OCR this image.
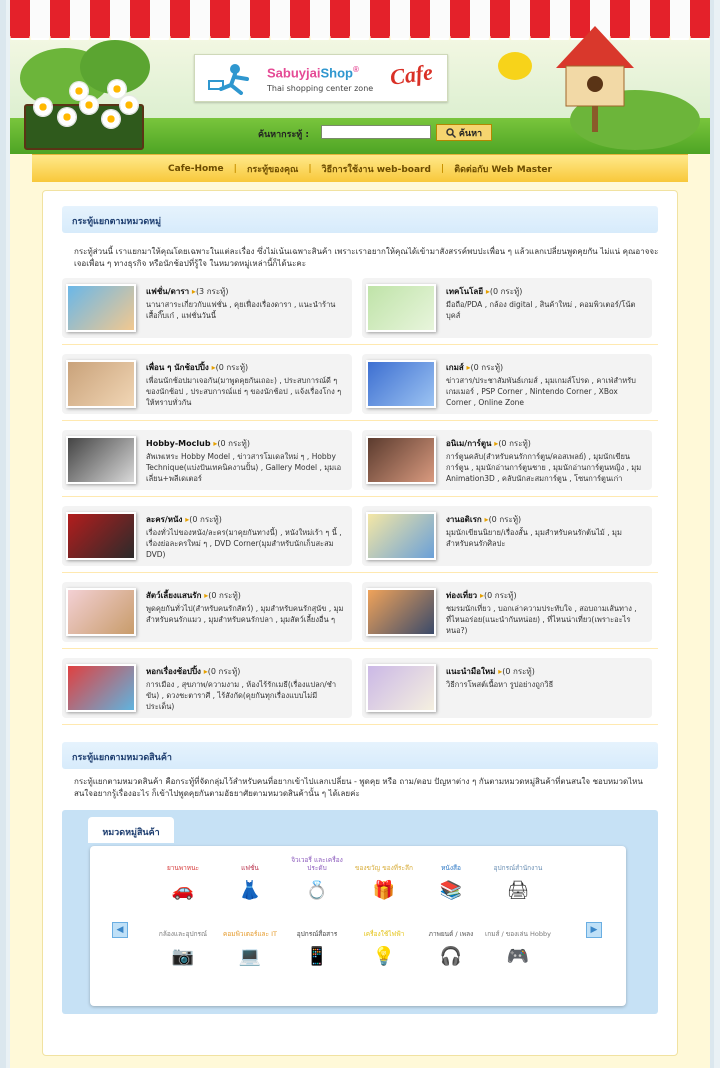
SabuyjaiShop®
Thai shopping center zone Cafe
ค้นหากระทู้ :	ค้นหา
Cafe-Home | กระทู้ของคุณ | วิธีการใช้งาน web-board | ติดต่อกับ Web Master
กระทู้แยกตามหมวดหมู่
กระทู้ส่วนนี้ เราแยกมาให้คุณโดยเฉพาะในแต่ละเรื่อง ซึ่งไม่เน้นเฉพาะสินค้า เพราะเราอยากให้คุณได้เข้ามาสังสรรค์พบปะเพื่อน ๆ แล้วแลกเปลี่ยนพูดคุยกัน ไม่แน่ คุณอาจจะเจอเพื่อน ๆ ทางธุรกิจ หรือนักช้อปที่รู้ใจ ในหมวดหมู่เหล่านี้ก็ได้นะคะ
แฟชั่น/ดารา ▸(3 กระทู้)
นานาสาระเกี่ยวกับแฟชั่น , คุยเฟื่องเรื่องดารา , แนะนำร้านเสื้อกิ๊บเก๋ , แฟชั่นวันนี้
เทคโนโลยี ▸(0 กระทู้)
มือถือ/PDA , กล้อง digital , สินค้าใหม่ , คอมพิวเตอร์/โน้ตบุคส์
เพื่อน ๆ นักช้อปปิ้ง ▸(0 กระทู้)
เพื่อนนักช้อปมาเจอกัน(มาพูดคุยกันเถอะ) , ประสบการณ์ดี ๆ ของนักช้อป , ประสบการณ์แย่ ๆ ของนักช้อป , แจ้งเรื่องโกง ๆ ให้ทราบทั่วกัน
เกมส์ ▸(0 กระทู้)
ข่าวสาร/ประชาสัมพันธ์เกมส์ , มุมเกมส์โปรด , คาเฟ่สำหรับเกมเมอร์ , PSP Corner , Nintendo Corner , XBox Corner , Online Zone
Hobby-Moclub ▸(0 กระทู้)
สัพเพเหระ Hobby Model , ข่าวสารโมเดลใหม่ ๆ , Hobby Technique(แบ่งปันเทคนิคงานปั้น) , Gallery Model , มุมเอเลี่ยน+พลีเดเตอร์
อนิเม/การ์ตูน ▸(0 กระทู้)
การ์ตูนคลับ(สำหรับคนรักการ์ตูน/คอสเพลย์) , มุมนักเขียนการ์ตูน , มุมนักอ่านการ์ตูนชาย , มุมนักอ่านการ์ตูนหญิง , มุม Animation3D , คลับนักสะสมการ์ตูน , โซนการ์ตูนเก่า
ละคร/หนัง ▸(0 กระทู้)
เรื่องทั่วไปของหนัง/ละคร(มาคุยกันทางนี้) , หนังใหม่เร้า ๆ นี้ , เรื่องย่อละครใหม่ ๆ , DVD Corner(มุมสำหรับนักเก็บสะสม DVD)
งานอดิเรก ▸(0 กระทู้)
มุมนักเขียนนิยาย/เรื่องสั้น , มุมสำหรับคนรักต้นไม้ , มุมสำหรับคนรักศิลปะ
สัตว์เลี้ยงแสนรัก ▸(0 กระทู้)
พูดคุยกันทั่วไป(สำหรับคนรักสัตว์) , มุมสำหรับคนรักสุนัข , มุมสำหรับคนรักแมว , มุมสำหรับคนรักปลา , มุมสัตว์เลี้ยงอื่น ๆ
ท่องเที่ยว ▸(0 กระทู้)
ชมรมนักเที่ยว , บอกเล่าความประทับใจ , สอบถามเส้นทาง , ที่ไหนอร่อย(แนะนำกันหน่อย) , ที่ไหนน่าเที่ยว(เพราะอะไรหนอ?)
หอกเรื่องช้อปปิ้ง ▸(0 กระทู้)
การเมือง , สุขภาพ/ความงาม , ห้องไร้รักเมธี(เรื่องแปลก/ชำขัน) , ดวงชะตาราศี , ไร้สังกัด(คุยกันทุกเรื่องแบบไม่มีประเด็น)
แนะนำมือใหม่ ▸(0 กระทู้)
วิธีการโพสต์เนื้อหา รูปอย่างถูกวิธี
กระทู้แยกตามหมวดสินค้า
กระทู้แยกตามหมวดสินค้า คือกระทู้ที่จัดกลุ่มไว้สำหรับคนที่อยากเข้าไปแลกเปลี่ยน - พูดคุย หรือ ถาม/ตอบ ปัญหาต่าง ๆ กันตามหมวดหมู่สินค้าที่ตนสนใจ ชอบหมวดไหน สนใจอยากรู้เรื่องอะไร ก็เข้าไปพูดคุยกันตามอัธยาศัยตามหมวดสินค้านั้น ๆ ได้เลยค่ะ
หมวดหมู่สินค้า
◀	▶
ยานพาหนะ
🚗
แฟชั่น
👗
จิวเวอรี่ และเครื่องประดับ
💍
ของขวัญ ของที่ระลึก
🎁
หนังสือ
📚
อุปกรณ์สำนักงาน
🖨
กล้องและอุปกรณ์
📷
คอมพิวเตอร์และ IT
💻
อุปกรณ์สื่อสาร
📱
เครื่องใช้ไฟฟ้า
💡
ภาพยนต์ / เพลง
🎧
เกมส์ / ของเล่น Hobby
🎮
